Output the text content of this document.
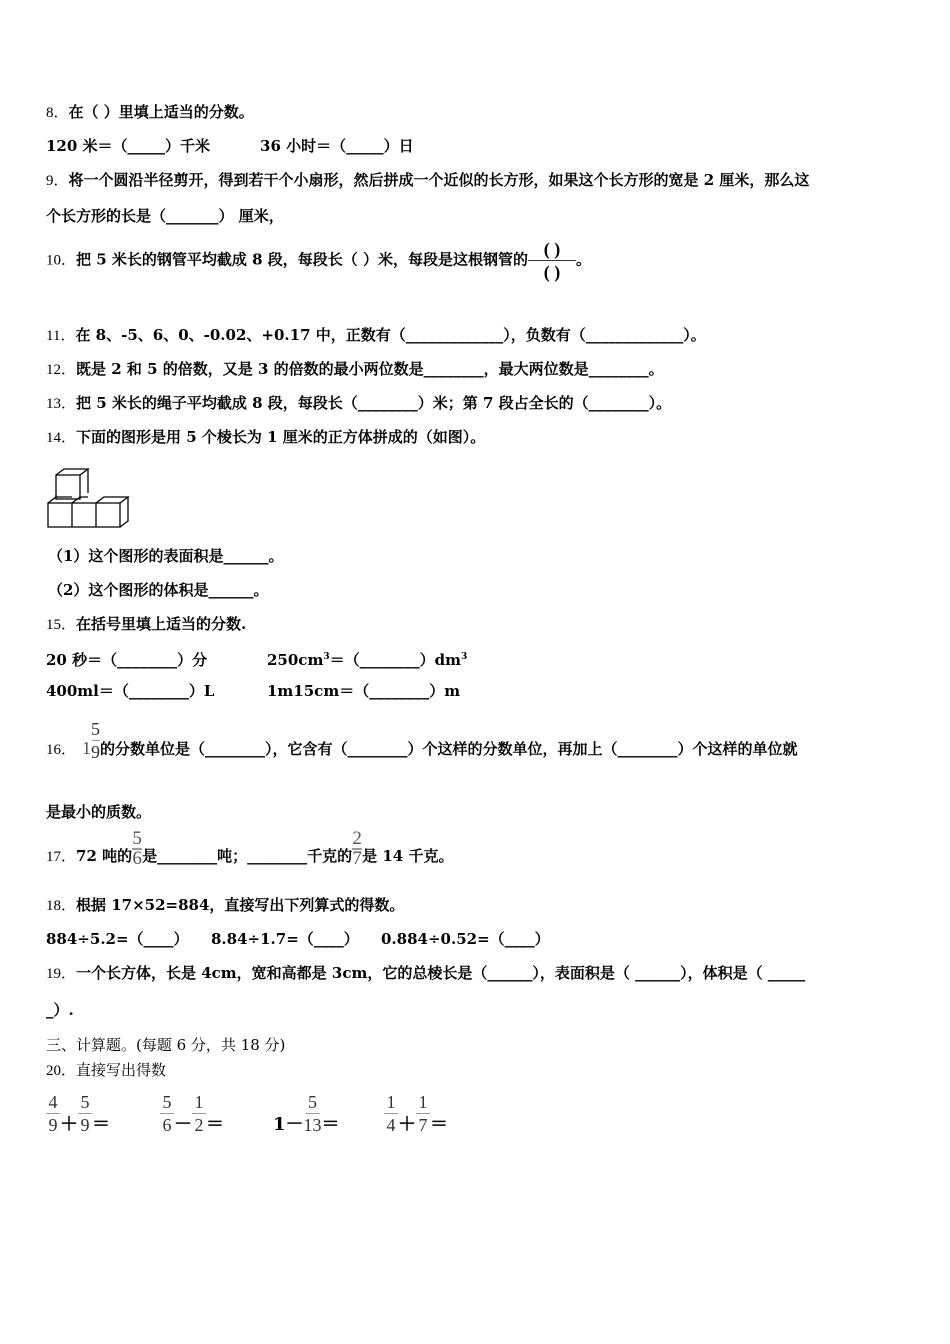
8．在（ ）里填上适当的分数。
120 米＝（_____）千米	36 小时＝（_____）日
9．将一个圆沿半径剪开，得到若干个小扇形，然后拼成一个近似的长方形，如果这个长方形的宽是 2 厘米，那么这
个长方形的长是（_______） 厘米，
10．把 5 米长的钢管平均截成 8 段，每段长（ ）米，每段是这根钢管的 $\frac{( )}{( )}$ 。
11．在 8、-5、6、0、-0.02、+0.17 中，正数有（_____________），负数有（_____________）。
12．既是 2 和 5 的倍数，又是 3 的倍数的最小两位数是________，最大两位数是________。
13．把 5 米长的绳子平均截成 8 段，每段长（________）米；第 7 段占全长的（________）。
14．下面的图形是用 5 个棱长为 1 厘米的正方体拼成的（如图）。
（1）这个图形的表面积是______。
（2）这个图形的体积是______。
15．在括号里填上适当的分数.
20 秒＝（________）分	$250cm^3=(\_\_\_\_\_\_\_\_)dm^3$
400ml＝（________）L	1m15cm＝（________）m
16． $1 \frac{5}{9}$ 的分数单位是（________），它含有（________）个这样的分数单位，再加上（________）个这样的单位就
是最小的质数。
17．72 吨的 $\frac{5}{6}$ 是________吨；________千克的 $\frac{2}{7}$ 是 14 千克。
18．根据 17×52=884，直接写出下列算式的得数。
884÷5.2=（____） 8.84÷1.7=（____） 0.884÷0.52=（____）
19．一个长方体，长是 4cm，宽和高都是 3cm，它的总棱长是（______），表面积是（ ______），体积是（ _____
_）.
三、计算题。(每题 6 分，共 18 分)
20．直接写出得数
$\frac{4}{9} + \frac{5}{9}$ ＝	$\frac{5}{6} - \frac{1}{2}$ ＝	$1- \frac{5}{13} = \frac{1}{4} + \frac{1}{7}$ ＝
